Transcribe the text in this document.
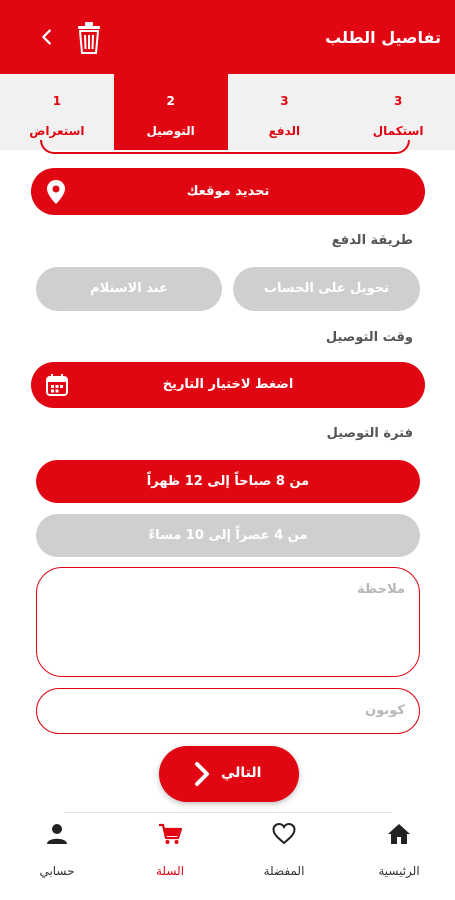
تفاصيل الطلب
1
استعراض
2
التوصيل
3
الدفع
3
استكمال
تحديد موقعك
طريقة الدفع
تحويل على الحساب
عند الاستلام
وقت التوصيل
اضغط لاختيار التاريخ
فترة التوصيل
من 8 صباحاً إلى 12 ظهراً
من 4 عصراً إلى 10 مساءً
ملاحظة
كوبون
التالي
حسابي	السلة	المفضلة	الرئيسية
